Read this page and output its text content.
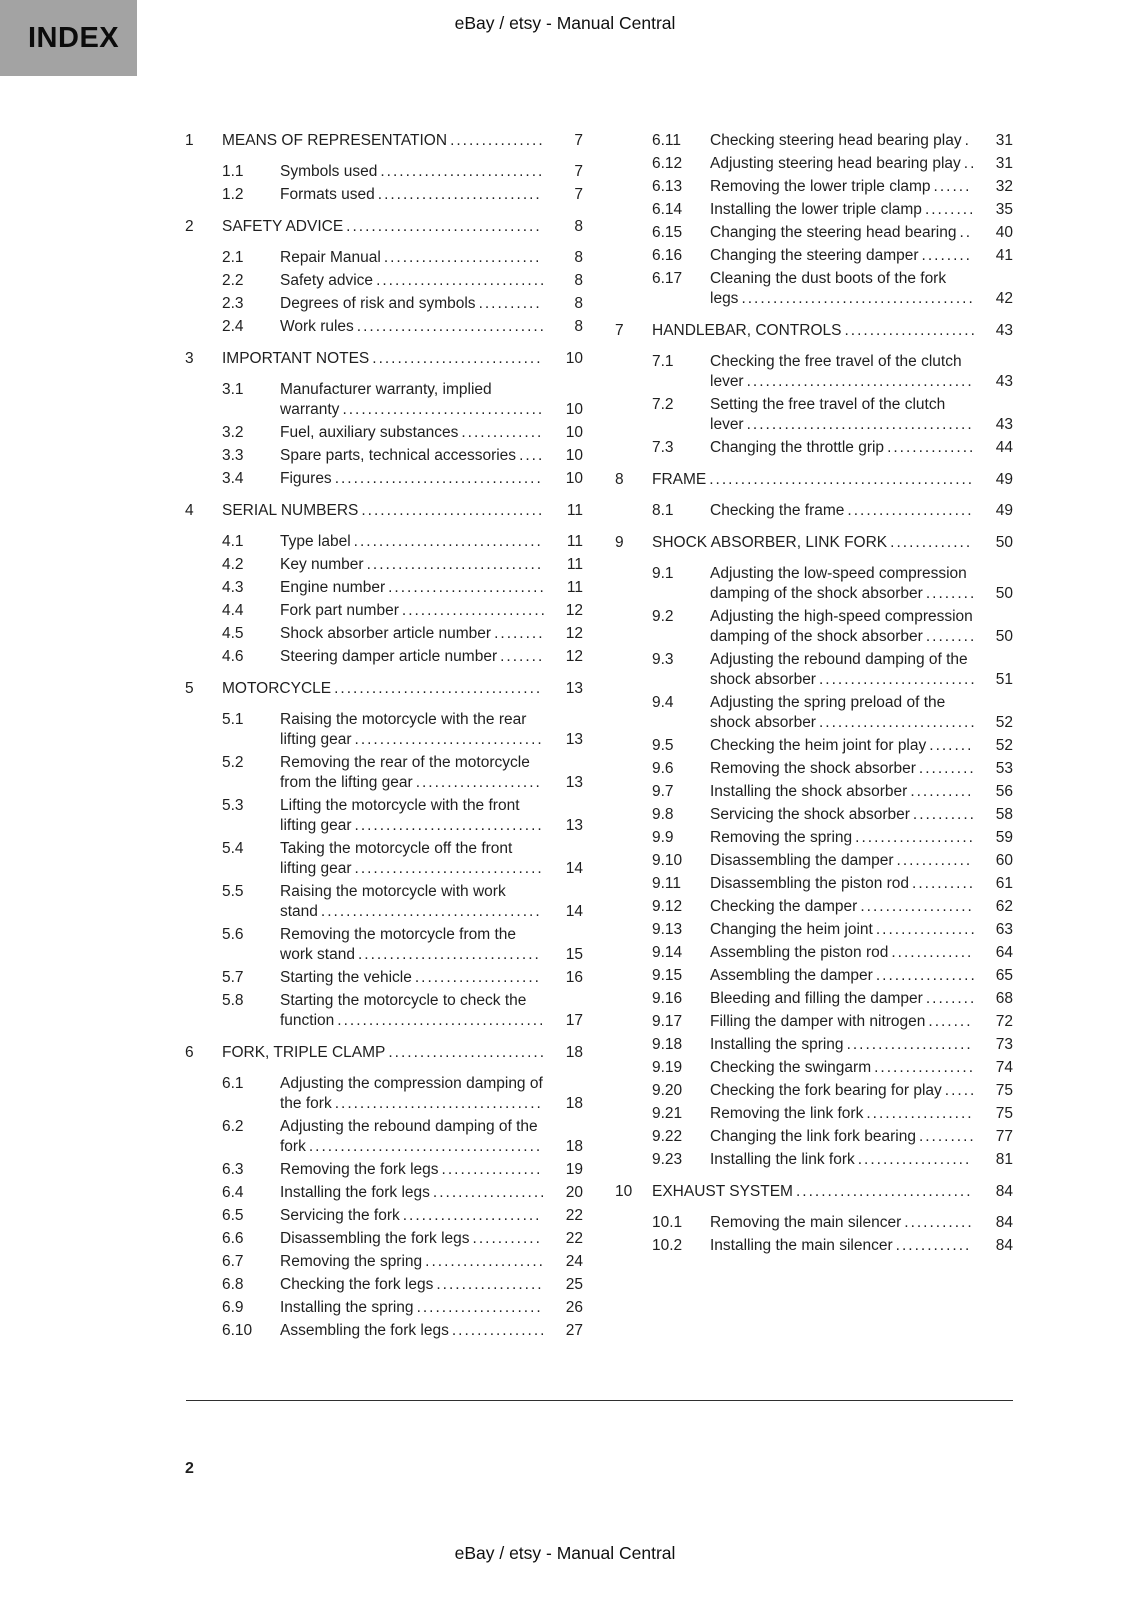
INDEX	eBay / etsy - Manual Central
1	MEANS OF REPRESENTATION ............... 7
1.1	Symbols used .......................... 7
1.2	Formats used .......................... 7
2	SAFETY ADVICE ............................... 8
2.1	Repair Manual ......................... 8
2.2	Safety advice ........................... 8
2.3	Degrees of risk and symbols .......... 8
2.4	Work rules .............................. 8
3	IMPORTANT NOTES ........................... 10
3.1	Manufacturer warranty, implied warranty ................................ 10
3.2	Fuel, auxiliary substances ............. 10
3.3	Spare parts, technical accessories .... 10
3.4	Figures ................................. 10
4	SERIAL NUMBERS ............................. 11
4.1	Type label .............................. 11
4.2	Key number ............................ 11
4.3	Engine number ......................... 11
4.4	Fork part number ....................... 12
4.5	Shock absorber article number ........ 12
4.6	Steering damper article number ....... 12
5	MOTORCYCLE ................................. 13
5.1	Raising the motorcycle with the rear lifting gear .............................. 13
5.2	Removing the rear of the motorcycle from the lifting gear .................... 13
5.3	Lifting the motorcycle with the front lifting gear .............................. 13
5.4	Taking the motorcycle off the front lifting gear .............................. 14
5.5	Raising the motorcycle with work stand ................................... 14
5.6	Removing the motorcycle from the work stand ............................. 15
5.7	Starting the vehicle .................... 16
5.8	Starting the motorcycle to check the function ................................. 17
6	FORK, TRIPLE CLAMP ......................... 18
6.1	Adjusting the compression damping of the fork ................................. 18
6.2	Adjusting the rebound damping of the fork ..................................... 18
6.3	Removing the fork legs ................ 19
6.4	Installing the fork legs .................. 20
6.5	Servicing the fork ...................... 22
6.6	Disassembling the fork legs ........... 22
6.7	Removing the spring ................... 24
6.8	Checking the fork legs ................. 25
6.9	Installing the spring .................... 26
6.10	Assembling the fork legs ............... 27
6.11	Checking steering head bearing play . 31
6.12	Adjusting steering head bearing play .. 31
6.13	Removing the lower triple clamp ...... 32
6.14	Installing the lower triple clamp ........ 35
6.15	Changing the steering head bearing .. 40
6.16	Changing the steering damper ........ 41
6.17	Cleaning the dust boots of the fork legs ..................................... 42
7	HANDLEBAR, CONTROLS ..................... 43
7.1	Checking the free travel of the clutch lever .................................... 43
7.2	Setting the free travel of the clutch lever .................................... 43
7.3	Changing the throttle grip .............. 44
8	FRAME .......................................... 49
8.1	Checking the frame .................... 49
9	SHOCK ABSORBER, LINK FORK ............. 50
9.1	Adjusting the low-speed compression damping of the shock absorber ........ 50
9.2	Adjusting the high-speed compression damping of the shock absorber ........ 50
9.3	Adjusting the rebound damping of the shock absorber ......................... 51
9.4	Adjusting the spring preload of the shock absorber ......................... 52
9.5	Checking the heim joint for play ....... 52
9.6	Removing the shock absorber ......... 53
9.7	Installing the shock absorber .......... 56
9.8	Servicing the shock absorber .......... 58
9.9	Removing the spring ................... 59
9.10	Disassembling the damper ............ 60
9.11	Disassembling the piston rod .......... 61
9.12	Checking the damper .................. 62
9.13	Changing the heim joint ................ 63
9.14	Assembling the piston rod ............. 64
9.15	Assembling the damper ................ 65
9.16	Bleeding and filling the damper ........ 68
9.17	Filling the damper with nitrogen ....... 72
9.18	Installing the spring .................... 73
9.19	Checking the swingarm ................ 74
9.20	Checking the fork bearing for play ..... 75
9.21	Removing the link fork ................. 75
9.22	Changing the link fork bearing ......... 77
9.23	Installing the link fork .................. 81
10	EXHAUST SYSTEM ............................ 84
10.1	Removing the main silencer ........... 84
10.2	Installing the main silencer ............ 84
2
eBay / etsy - Manual Central
